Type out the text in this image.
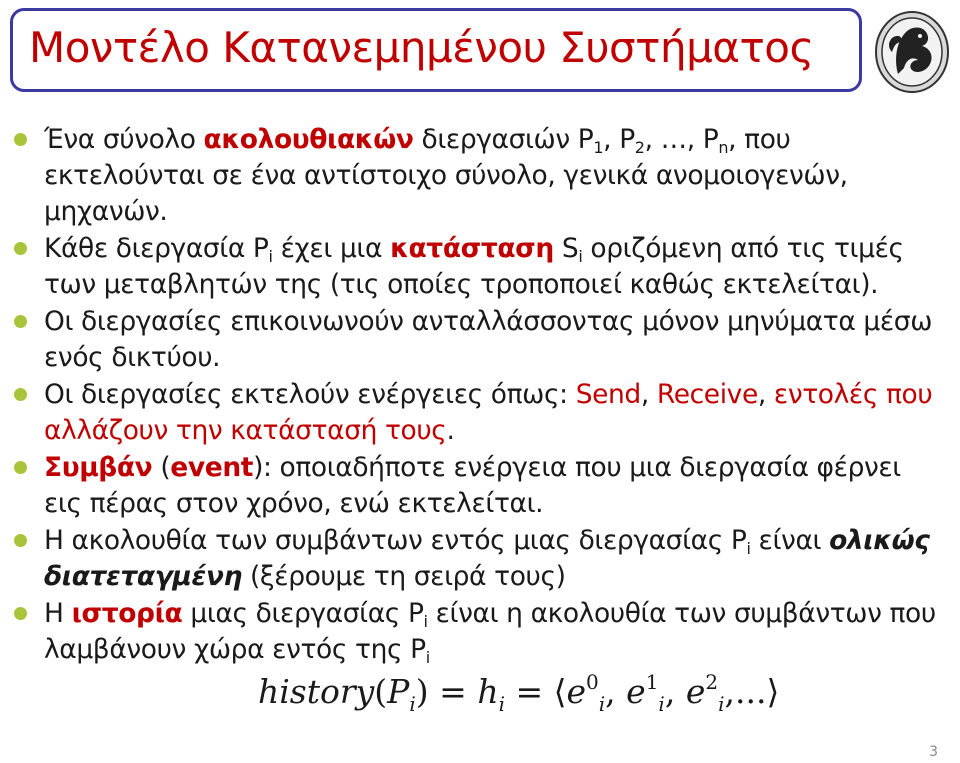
Μοντέλο Κατανεμημένου Συστήματος
Ένα σύνολο ακολουθιακών διεργασιών $P_1$, $P_2$, …, $P_n$, που εκτελούνται σε ένα αντίστοιχο σύνολο, γενικά ανομοιογενών, μηχανών.
Κάθε διεργασία $P_i$ έχει μια κατάσταση $S_i$ οριζόμενη από τις τιμές των μεταβλητών της (τις οποίες τροποποιεί καθώς εκτελείται).
Οι διεργασίες επικοινωνούν ανταλλάσσοντας μόνον μηνύματα μέσω ενός δικτύου.
Οι διεργασίες εκτελούν ενέργειες όπως: Send, Receive, εντολές που αλλάζουν την κατάστασή τους.
Συμβάν (event): οποιαδήποτε ενέργεια που μια διεργασία φέρνει εις πέρας στον χρόνο, ενώ εκτελείται.
Η ακολουθία των συμβάντων εντός μιας διεργασίας $P_i$ είναι ολικώς διατεταγμένη (ξέρουμε τη σειρά τους)
Η ιστορία μιας διεργασίας $P_i$ είναι η ακολουθία των συμβάντων που λαμβάνουν χώρα εντός της $P_i$
$history(P_i) = h_i$ = $⟨e^0_i$, $e^1_i$, $e^2_i,...⟩$
3
